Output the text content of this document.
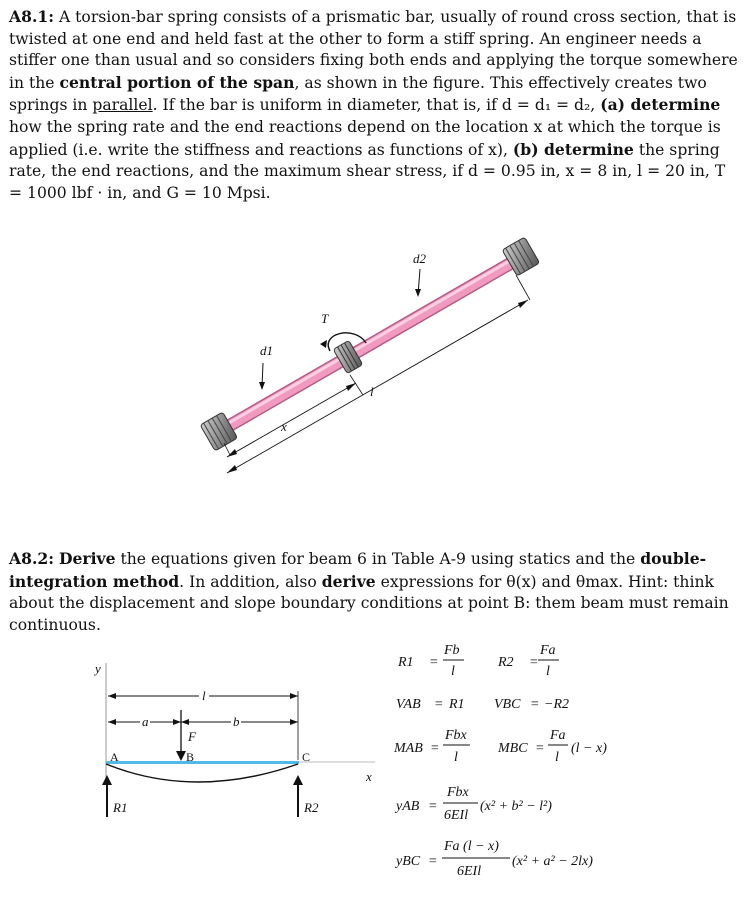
A8.1: A torsion-bar spring consists of a prismatic bar, usually of round cross section, that is twisted at one end and held fast at the other to form a stiff spring. An engineer needs a stiffer one than usual and so considers fixing both ends and applying the torque somewhere in the central portion of the span, as shown in the figure. This effectively creates two springs in parallel. If the bar is uniform in diameter, that is, if d = d₁ = d₂, (a) determine how the spring rate and the end reactions depend on the location x at which the torque is applied (i.e. write the stiffness and reactions as functions of x), (b) determine the spring rate, the end reactions, and the maximum shear stress, if d = 0.95 in, x = 8 in, l = 20 in, T = 1000 lbf · in, and G = 10 Mpsi.
T
d2
d1
x
l
A8.2: Derive the equations given for beam 6 in Table A-9 using statics and the double-integration method. In addition, also derive expressions for θ(x) and θmax. Hint: think about the displacement and slope boundary conditions at point B: them beam must remain continuous.
y
l
a	b
F
x
A	B	C
R1	R2
R1 =
Fb
l
R2 =
Fa
l
VAB = R1 VBC = −R2
MAB =
Fbx
l
MBC =
Fa
l
(l − x)
yAB =
Fbx
6EIl
(x² + b² − l²)
yBC =
Fa (l − x)
6EIl
(x² + a² − 2lx)
